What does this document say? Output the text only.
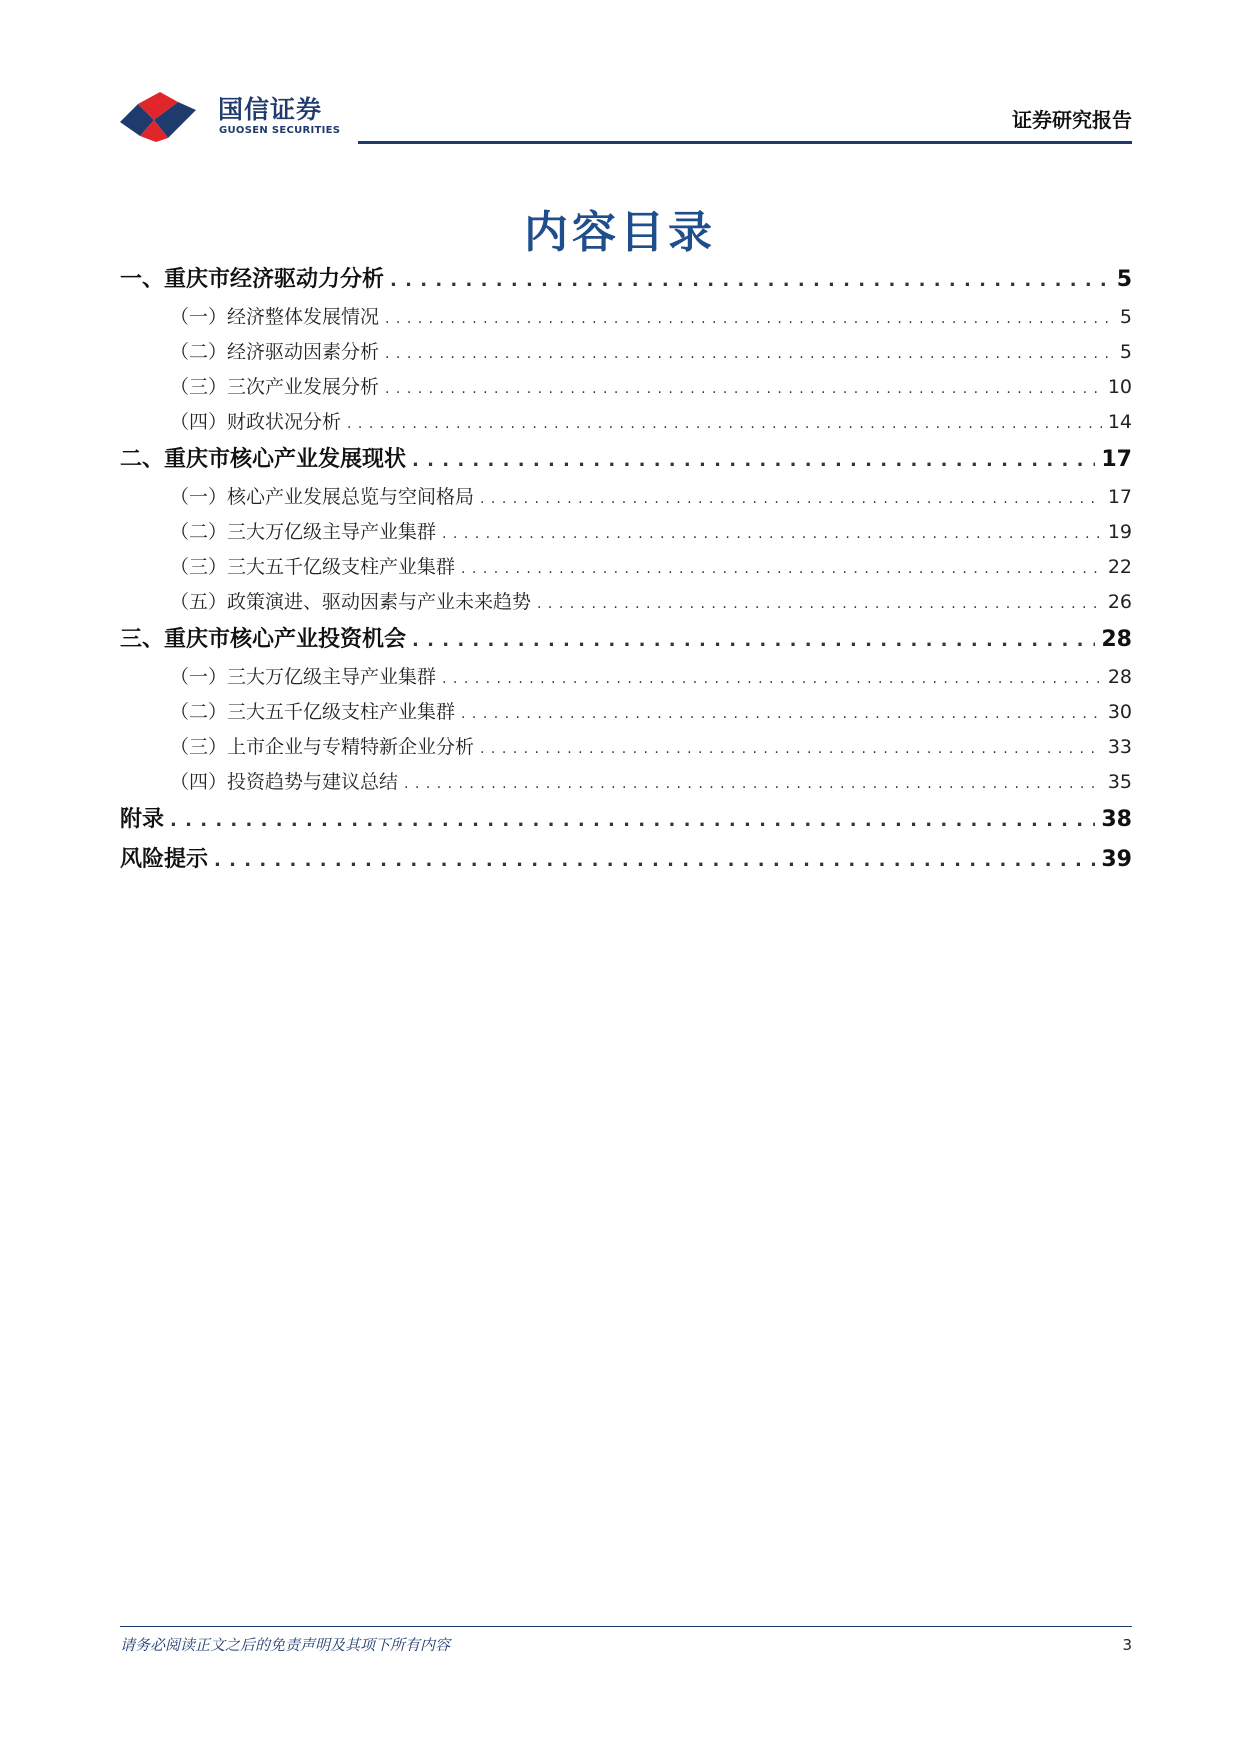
国信证券
GUOSEN SECURITIES	证券研究报告
内容目录
一、重庆市经济驱动力分析 . . .	5
（一）经济整体发展情况 . . .	5
（二）经济驱动因素分析 . . .	5
（三）三次产业发展分析 . . .	10
（四）财政状况分析 . . .	14
二、重庆市核心产业发展现状 . . .	17
（一）核心产业发展总览与空间格局 . . .	17
（二）三大万亿级主导产业集群 . . .	19
（三）三大五千亿级支柱产业集群 . . .	22
（五）政策演进、驱动因素与产业未来趋势 . . .	26
三、重庆市核心产业投资机会 . . .	28
（一）三大万亿级主导产业集群 . . .	28
（二）三大五千亿级支柱产业集群 . . .	30
（三）上市企业与专精特新企业分析 . . .	33
（四）投资趋势与建议总结 . . .	35
附录 . . .	38
风险提示 . . .	39
请务必阅读正文之后的免责声明及其项下所有内容	3
